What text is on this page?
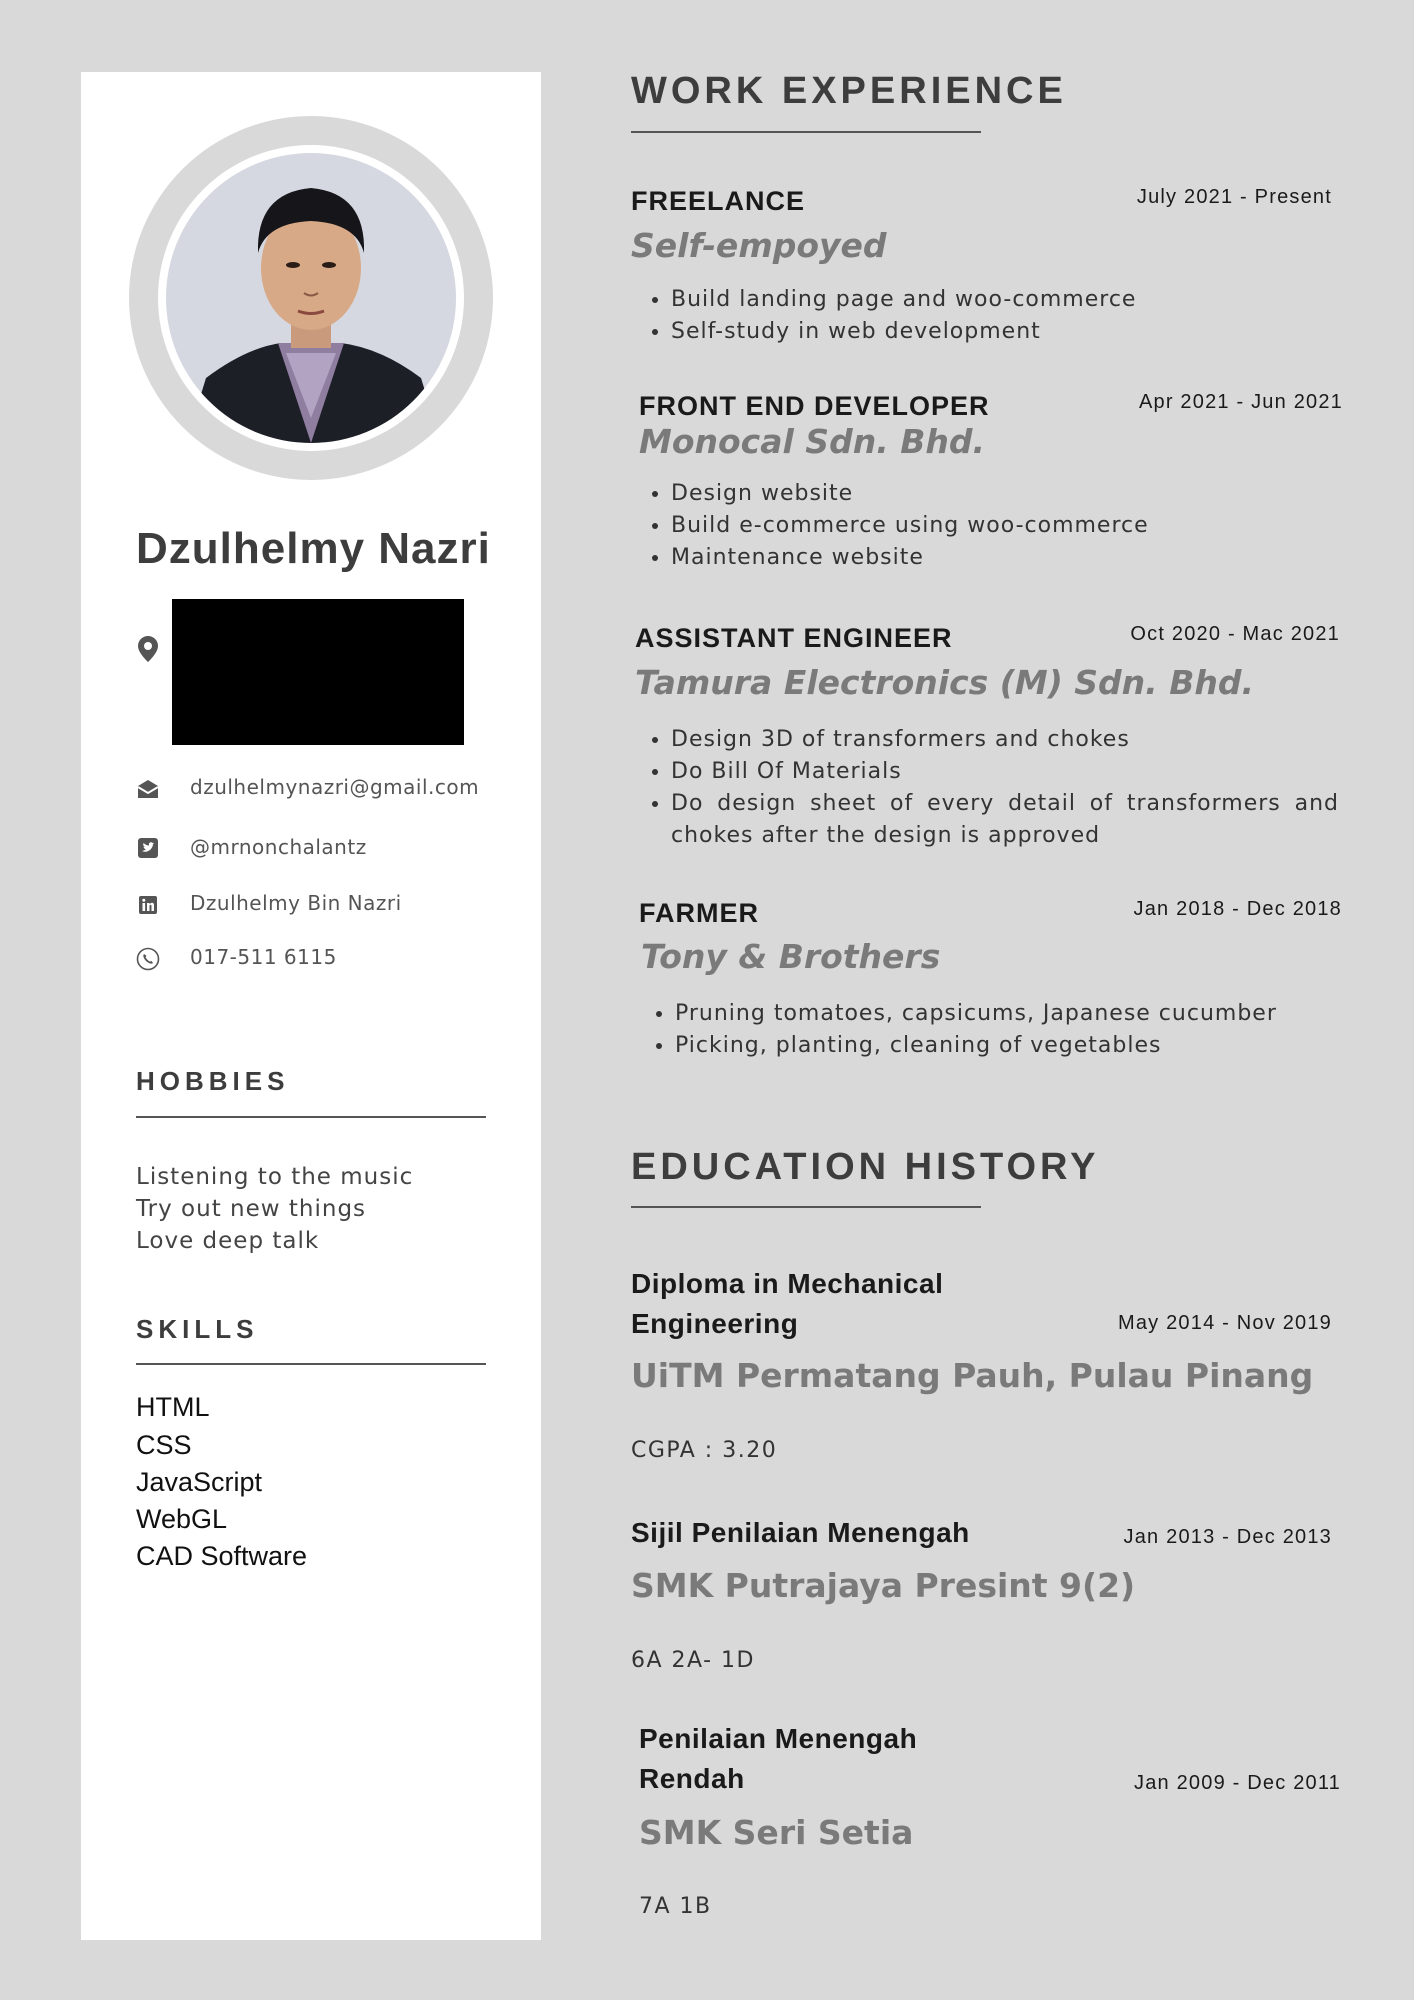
Dzulhelmy Nazri
dzulhelmynazri@gmail.com
@mrnonchalantz
Dzulhelmy Bin Nazri
017-511 6115
HOBBIES
Listening to the music
Try out new things
Love deep talk
SKILLS
HTML
CSS
JavaScript
WebGL
CAD Software
WORK EXPERIENCE
FREELANCE	July 2021 - Present
Self-empoyed
• Build landing page and woo-commerce
• Self-study in web development
FRONT END DEVELOPER	Apr 2021 - Jun 2021
Monocal Sdn. Bhd.
• Design website
• Build e-commerce using woo-commerce
• Maintenance website
ASSISTANT ENGINEER	Oct 2020 - Mac 2021
Tamura Electronics (M) Sdn. Bhd.
• Design 3D of transformers and chokes
• Do Bill Of Materials
• Do design sheet of every detail of transformers and chokes after the design is approved
FARMER	Jan 2018 - Dec 2018
Tony & Brothers
• Pruning tomatoes, capsicums, Japanese cucumber
• Picking, planting, cleaning of vegetables
EDUCATION HISTORY
Diploma in Mechanical Engineering	May 2014 - Nov 2019
UiTM Permatang Pauh, Pulau Pinang
CGPA : 3.20
Sijil Penilaian Menengah	Jan 2013 - Dec 2013
SMK Putrajaya Presint 9(2)
6A 2A- 1D
Penilaian Menengah Rendah	Jan 2009 - Dec 2011
SMK Seri Setia
7A 1B
